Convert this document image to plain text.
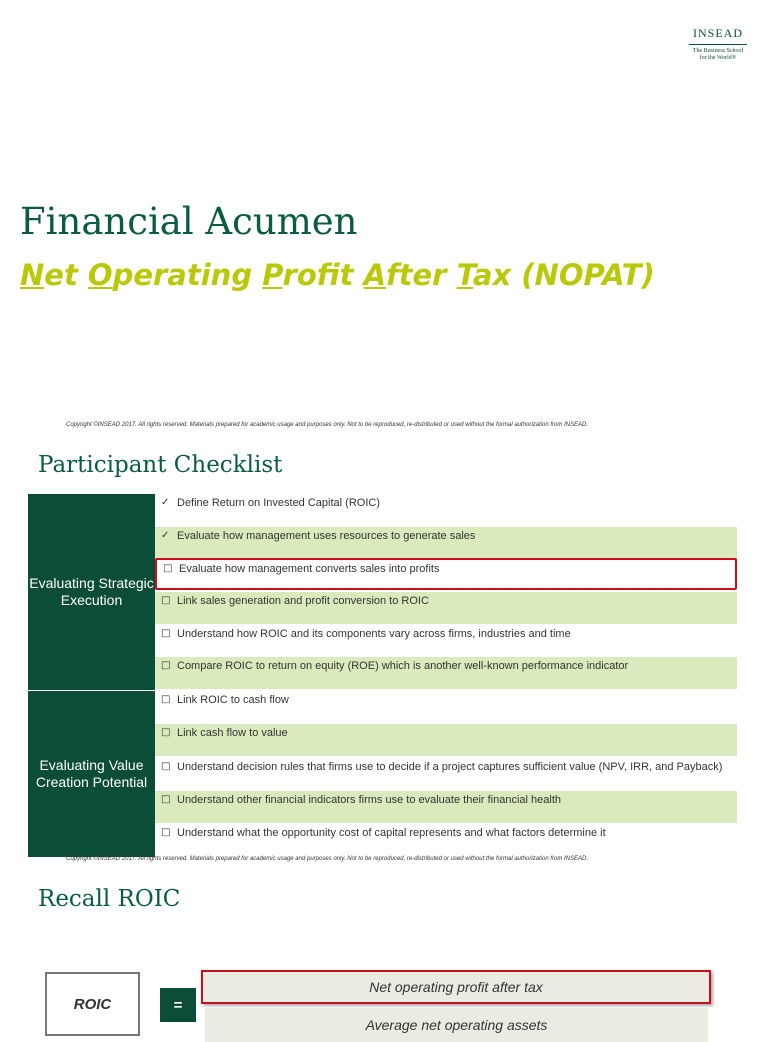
INSEAD
The Business School
for the World®
Financial Acumen
Net Operating Profit After Tax (NOPAT)
Copyright ©INSEAD 2017. All rights reserved. Materials prepared for academic usage and purposes only. Not to be reproduced, re-distributed or used without the formal authorization from INSEAD.
Participant Checklist
Evaluating Strategic Execution
Evaluating Value Creation Potential
✓ Define Return on Invested Capital (ROIC)
✓ Evaluate how management uses resources to generate sales
□ Evaluate how management converts sales into profits
□ Link sales generation and profit conversion to ROIC
□ Understand how ROIC and its components vary across firms, industries and time
□ Compare ROIC to return on equity (ROE) which is another well-known performance indicator
□ Link ROIC to cash flow
□ Link cash flow to value
□ Understand decision rules that firms use to decide if a project captures sufficient value (NPV, IRR, and Payback)
□ Understand other financial indicators firms use to evaluate their financial health
□ Understand what the opportunity cost of capital represents and what factors determine it
Copyright ©INSEAD 2017. All rights reserved. Materials prepared for academic usage and purposes only. Not to be reproduced, re-distributed or used without the formal authorization from INSEAD.
Recall ROIC
ROIC	=
Net operating profit after tax
Average net operating assets
